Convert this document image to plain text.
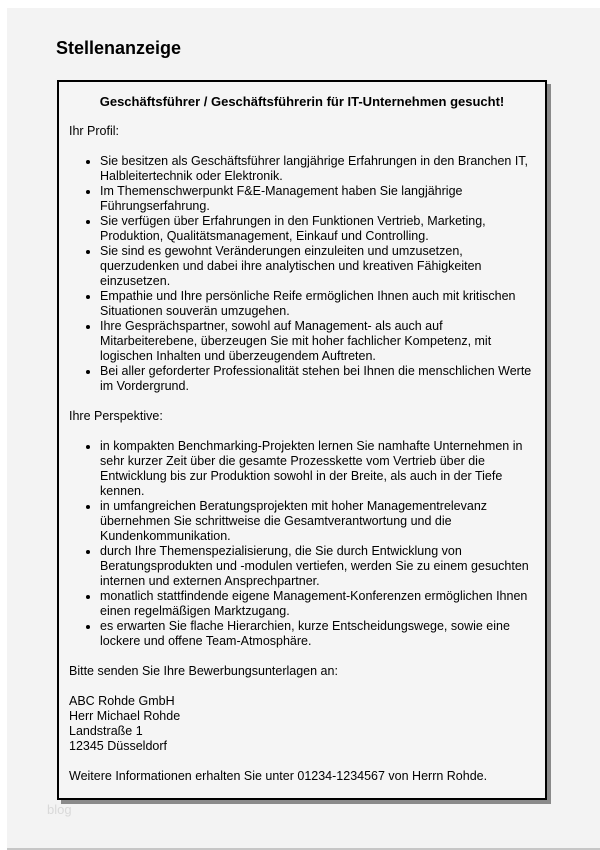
Stellenanzeige
Geschäftsführer / Geschäftsführerin für IT-Unternehmen gesucht!

Ihr Profil:

• Sie besitzen als Geschäftsführer langjährige Erfahrungen in den Branchen IT, Halbleitertechnik oder Elektronik.
• Im Themenschwerpunkt F&E-Management haben Sie langjährige Führungserfahrung.
• Sie verfügen über Erfahrungen in den Funktionen Vertrieb, Marketing, Produktion, Qualitätsmanagement, Einkauf und Controlling.
• Sie sind es gewohnt Veränderungen einzuleiten und umzusetzen, querzudenken und dabei ihre analytischen und kreativen Fähigkeiten einzusetzen.
• Empathie und Ihre persönliche Reife ermöglichen Ihnen auch mit kritischen Situationen souverän umzugehen.
• Ihre Gesprächspartner, sowohl auf Management- als auch auf Mitarbeiterebene, überzeugen Sie mit hoher fachlicher Kompetenz, mit logischen Inhalten und überzeugendem Auftreten.
• Bei aller geforderter Professionalität stehen bei Ihnen die menschlichen Werte im Vordergrund.

Ihre Perspektive:

• in kompakten Benchmarking-Projekten lernen Sie namhafte Unternehmen in sehr kurzer Zeit über die gesamte Prozesskette vom Vertrieb über die Entwicklung bis zur Produktion sowohl in der Breite, als auch in der Tiefe kennen.
• in umfangreichen Beratungsprojekten mit hoher Managementrelevanz übernehmen Sie schrittweise die Gesamtverantwortung und die Kundenkommunikation.
• durch Ihre Themenspezialisierung, die Sie durch Entwicklung von Beratungsprodukten und -modulen vertiefen, werden Sie zu einem gesuchten internen und externen Ansprechpartner.
• monatlich stattfindende eigene Management-Konferenzen ermöglichen Ihnen einen regelmäßigen Marktzugang.
• es erwarten Sie flache Hierarchien, kurze Entscheidungswege, sowie eine lockere und offene Team-Atmosphäre.

Bitte senden Sie Ihre Bewerbungsunterlagen an:

ABC Rohde GmbH
Herr Michael Rohde
Landstraße 1
12345 Düsseldorf

Weitere Informationen erhalten Sie unter 01234-1234567 von Herrn Rohde.

blog
